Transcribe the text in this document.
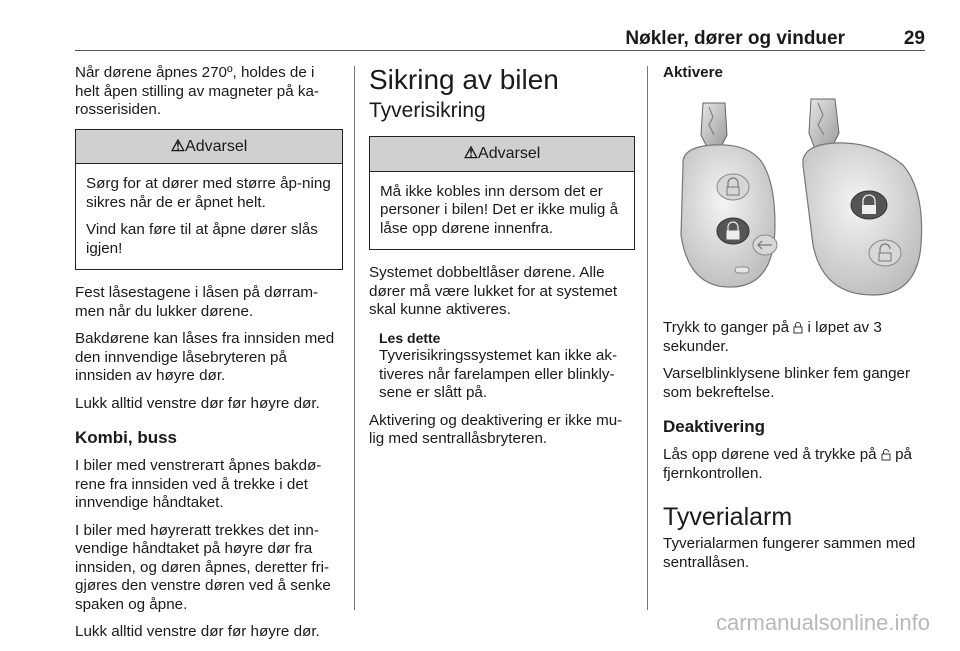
Nøkler, dører og vinduer	29

Når dørene åpnes 270º, holdes de i helt åpen stilling av magneter på ka-rosserisiden.

⚠Advarsel

Sørg for at dører med større åp-ning sikres når de er åpnet helt.

Vind kan føre til at åpne dører slås igjen!

Fest låsestagene i låsen på dørram-men når du lukker dørene.

Bakdørene kan låses fra innsiden med den innvendige låsebryteren på innsiden av høyre dør.

Lukk alltid venstre dør før høyre dør.

Kombi, buss

I biler med venstrerатt åpnes bakdø-rene fra innsiden ved å trekke i det innvendige håndtaket.

I biler med høyreratt trekkes det inn-vendige håndtaket på høyre dør fra innsiden, og døren åpnes, deretter fri-gjøres den venstre døren ved å senke spaken og åpne.

Lukk alltid venstre dør før høyre dør.

Sikring av bilen
Tyverisikring
⚠Advarsel

Må ikke kobles inn dersom det er personer i bilen! Det er ikke mulig å låse opp dørene innenfra.

Systemet dobbeltlåser dørene. Alle dører må være lukket for at systemet skal kunne aktiveres.

Les dette
Tyverisikringssystemet kan ikke ak-tiveres når farelampen eller blinkly-sene er slått på.

Aktivering og deaktivering er ikke mu-lig med sentrallåsbryteren.

Aktivere

Trykk to ganger på i løpet av 3 sekunder.

Varselblinklysene blinker fem ganger som bekreftelse.

Deaktivering

Lås opp dørene ved å trykke på på fjernkontrollen.

Tyverialarm

Tyverialarmen fungerer sammen med sentrallåsen.

carmanualsonline.info
